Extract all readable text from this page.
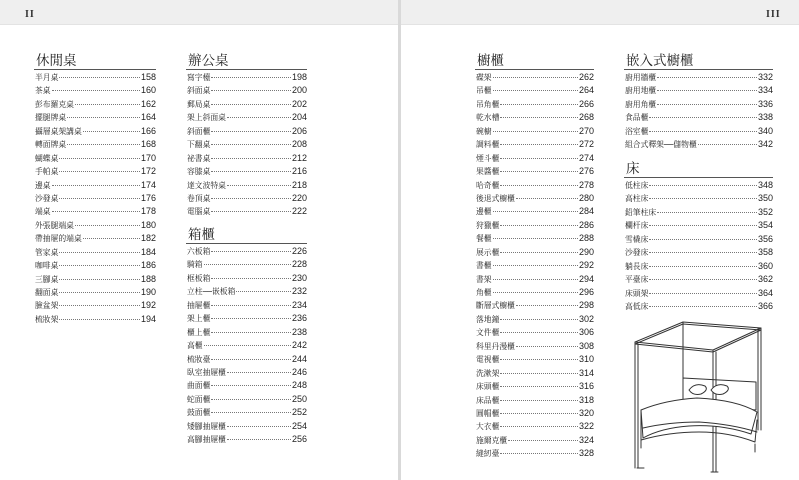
II	III
休閒桌
半月桌	158
茶桌	160
彭布羅克桌	162
擺腿牌桌	164
攝層桌架講桌	166
轉面牌桌	168
蝴蝶桌	170
手帕桌	172
邊桌	174
沙發桌	176
端桌	178
外張腿端桌	180
帶抽屜的端桌	182
管家桌	184
咖啡桌	186
三腳桌	188
翻面桌	190
臉盆架	192
梳妝架	194
辦公桌
寫字檯	198
斜面桌	200
郵局桌	202
架上斜面桌	204
斜面櫃	206
下翻桌	208
祕書桌	212
容膝桌	216
達文波特桌	218
卷頂桌	220
電腦桌	222
箱櫃
六板箱	226
騎箱	228
框板箱	230
立柱──嵌板箱	232
抽屜櫃	234
架上櫃	236
櫃上櫃	238
高櫃	242
梳妝臺	244
臥室抽屜櫃	246
曲面櫃	248
蛇面櫃	250
鼓面櫃	252
矮腳抽屜櫃	254
高腳抽屜櫃	256
櫥櫃
碟架	262
吊櫃	264
吊角櫃	266
乾水槽	268
碗櫥	270
調料櫃	272
煙斗櫃	274
果醬櫃	276
哈奇櫃	278
後退式櫥櫃	280
邊櫃	284
狩獵櫃	286
餐櫃	288
展示櫃	290
書櫃	292
書架	294
角櫃	296
斷層式櫥櫃	298
落地鐘	302
文件櫃	306
科里丹漫櫃	308
電視櫃	310
洗漱架	314
床頭櫃	316
床品櫃	318
圓帽櫃	320
大衣櫃	322
施爾克櫃	324
縫紉臺	328
嵌入式櫥櫃
廚用牆櫃	332
廚用地櫃	334
廚用角櫃	336
食品櫃	338
浴室櫃	340
組合式釋架──儲物櫃	342
床
低柱床	348
高柱床	350
鉛筆柱床	352
欄杆床	354
雪橇床	356
沙發床	358
躺長床	360
平臺床	362
床頭架	364
高低床	366
